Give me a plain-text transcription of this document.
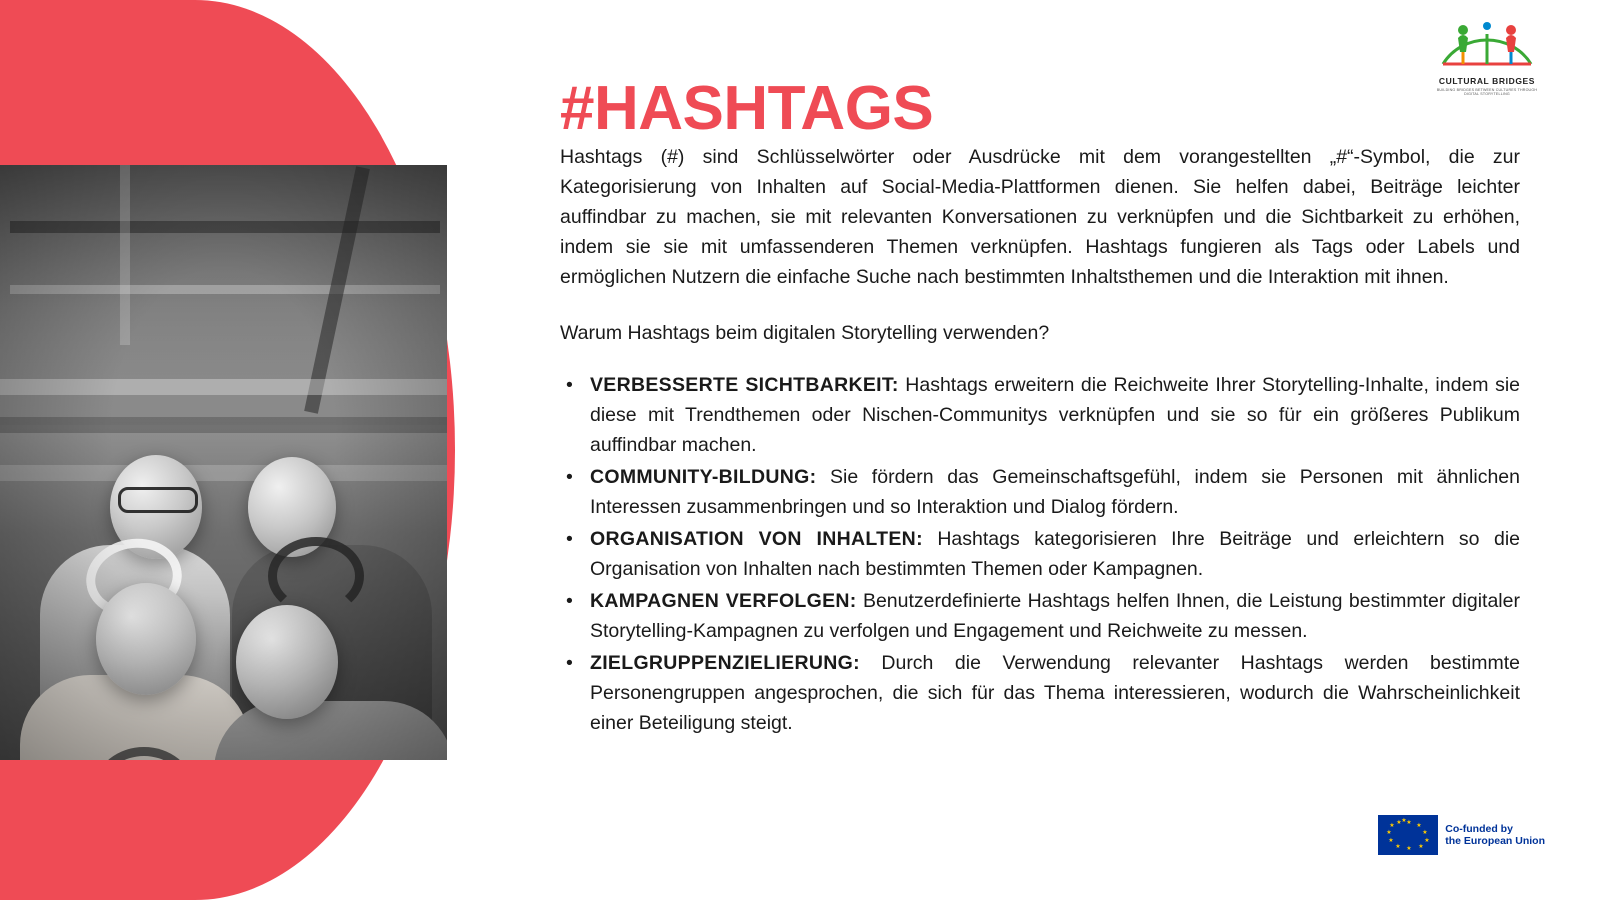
CULTURAL BRIDGES
BUILDING BRIDGES BETWEEN CULTURES THROUGH DIGITAL STORYTELLING
#HASHTAGS

Hashtags (#) sind Schlüsselwörter oder Ausdrücke mit dem vorangestellten „#“-Symbol, die zur Kategorisierung von Inhalten auf Social-Media-Plattformen dienen. Sie helfen dabei, Beiträge leichter auffindbar zu machen, sie mit relevanten Konversationen zu verknüpfen und die Sichtbarkeit zu erhöhen, indem sie sie mit umfassenderen Themen verknüpfen. Hashtags fungieren als Tags oder Labels und ermöglichen Nutzern die einfache Suche nach bestimmten Inhaltsthemen und die Interaktion mit ihnen.

Warum Hashtags beim digitalen Storytelling verwenden?

• VERBESSERTE SICHTBARKEIT: Hashtags erweitern die Reichweite Ihrer Storytelling-Inhalte, indem sie diese mit Trendthemen oder Nischen-Communitys verknüpfen und sie so für ein größeres Publikum auffindbar machen.
• COMMUNITY-BILDUNG: Sie fördern das Gemeinschaftsgefühl, indem sie Personen mit ähnlichen Interessen zusammenbringen und so Interaktion und Dialog fördern.
• ORGANISATION VON INHALTEN: Hashtags kategorisieren Ihre Beiträge und erleichtern so die Organisation von Inhalten nach bestimmten Themen oder Kampagnen.
• KAMPAGNEN VERFOLGEN: Benutzerdefinierte Hashtags helfen Ihnen, die Leistung bestimmter digitaler Storytelling-Kampagnen zu verfolgen und Engagement und Reichweite zu messen.
• ZIELGRUPPENZIELIERUNG: Durch die Verwendung relevanter Hashtags werden bestimmte Personengruppen angesprochen, die sich für das Thema interessieren, wodurch die Wahrscheinlichkeit einer Beteiligung steigt.
★ ★
★
★
★
★
★
★
★
★ ★ ★
Co-funded by
the European Union
